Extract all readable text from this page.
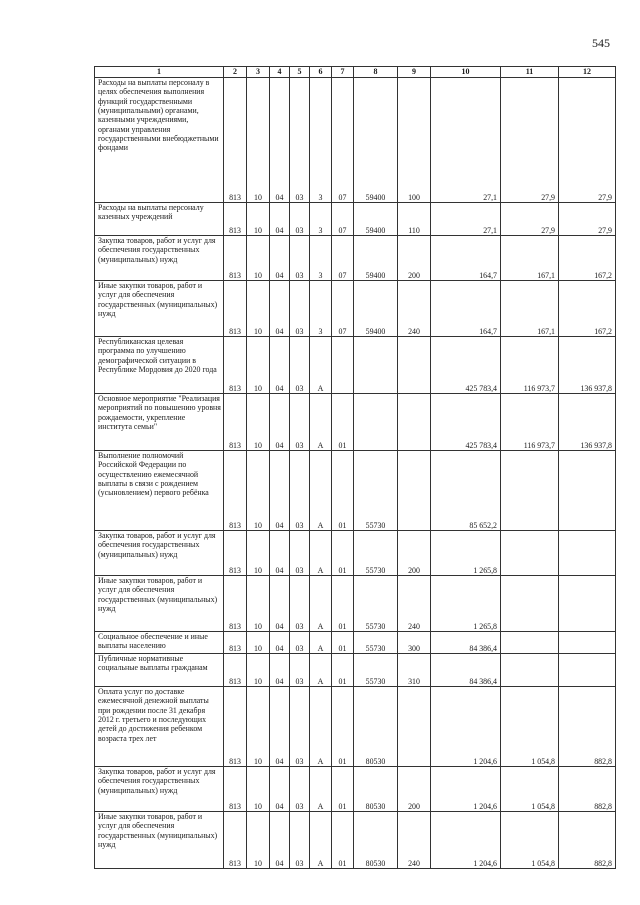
545
1	2	3	4	5	6	7	8	9	10	11	12
Расходы на выплаты персоналу в целях обеспечения выполнения функций государственными (муниципальными) органами, казенными учреждениями, органами управления государственными внебюджетными фондами	813	10	04	03	3	07	59400	100	27,1	27,9	27,9
Расходы на выплаты персоналу казенных учреждений	813	10	04	03	3	07	59400	110	27,1	27,9	27,9
Закупка товаров, работ и услуг для обеспечения государственных (муниципальных) нужд	813	10	04	03	3	07	59400	200	164,7	167,1	167,2
Иные закупки товаров, работ и услуг для обеспечения государственных (муниципальных) нужд	813	10	04	03	3	07	59400	240	164,7	167,1	167,2
Республиканская целевая программа по улучшению демографической ситуации в Республике Мордовия до 2020 года	813	10	04	03	А				425 783,4	116 973,7	136 937,8
Основное мероприятие "Реализация мероприятий по повышению уровня рождаемости, укрепление института семьи"	813	10	04	03	А	01			425 783,4	116 973,7	136 937,8
Выполнение полномочий Российской Федерации по осуществлению ежемесячной выплаты в связи с рождением (усыновлением) первого ребёнка	813	10	04	03	А	01	55730		85 652,2		
Закупка товаров, работ и услуг для обеспечения государственных (муниципальных) нужд	813	10	04	03	А	01	55730	200	1 265,8		
Иные закупки товаров, работ и услуг для обеспечения государственных (муниципальных) нужд	813	10	04	03	А	01	55730	240	1 265,8		
Социальное обеспечение и иные выплаты населению	813	10	04	03	А	01	55730	300	84 386,4		
Публичные нормативные социальные выплаты гражданам	813	10	04	03	А	01	55730	310	84 386,4		
Оплата услуг по доставке ежемесячной денежной выплаты при рождении после 31 декабря 2012 г. третьего и последующих детей до достижения ребенком возраста трех лет	813	10	04	03	А	01	80530		1 204,6	1 054,8	882,8
Закупка товаров, работ и услуг для обеспечения государственных (муниципальных) нужд	813	10	04	03	А	01	80530	200	1 204,6	1 054,8	882,8
Иные закупки товаров, работ и услуг для обеспечения государственных (муниципальных) нужд	813	10	04	03	А	01	80530	240	1 204,6	1 054,8	882,8
